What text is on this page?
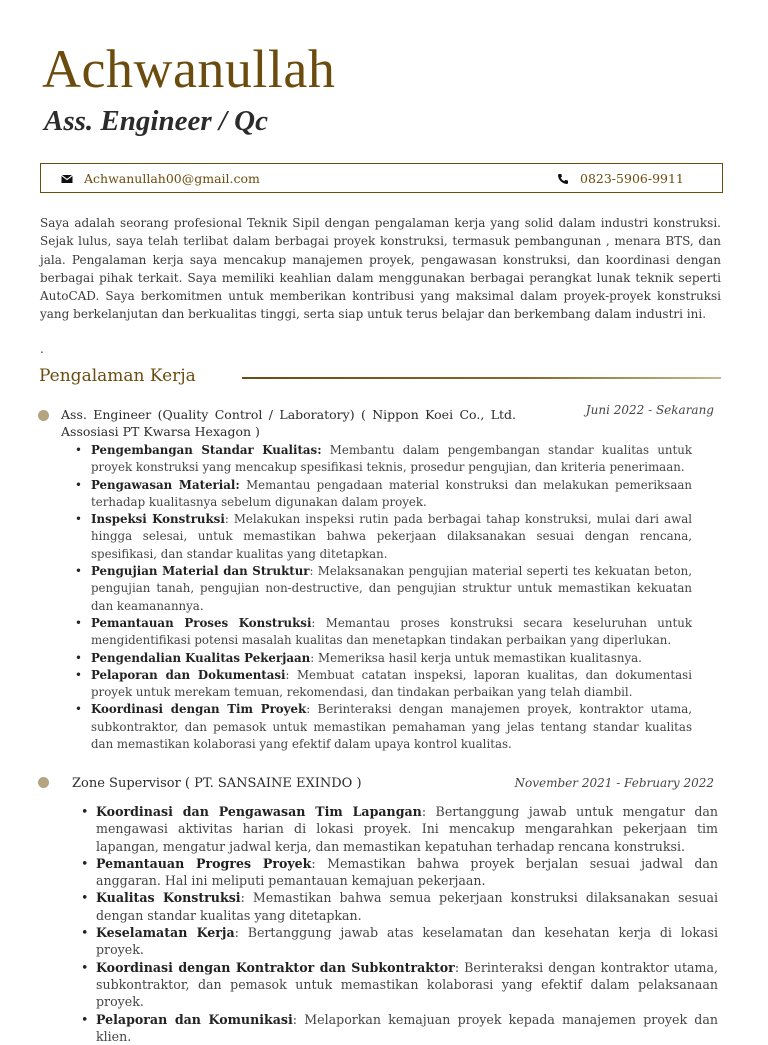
Achwanullah
Ass. Engineer / Qc
Achwanullah00@gmail.com	0823-5906-9911

Saya adalah seorang profesional Teknik Sipil dengan pengalaman kerja yang solid dalam industri konstruksi. Sejak lulus, saya telah terlibat dalam berbagai proyek konstruksi, termasuk pembangunan , menara BTS, dan jala. Pengalaman kerja saya mencakup manajemen proyek, pengawasan konstruksi, dan koordinasi dengan berbagai pihak terkait. Saya memiliki keahlian dalam menggunakan berbagai perangkat lunak teknik seperti AutoCAD. Saya berkomitmen untuk memberikan kontribusi yang maksimal dalam proyek-proyek konstruksi yang berkelanjutan dan berkualitas tinggi, serta siap untuk terus belajar dan berkembang dalam industri ini.

.
Pengalaman Kerja
Ass. Engineer (Quality Control / Laboratory) ( Nippon Koei Co., Ltd. Assosiasi PT Kwarsa Hexagon )
Juni 2022 - Sekarang
• Pengembangan Standar Kualitas: Membantu dalam pengembangan standar kualitas untuk proyek konstruksi yang mencakup spesifikasi teknis, prosedur pengujian, dan kriteria penerimaan.
• Pengawasan Material: Memantau pengadaan material konstruksi dan melakukan pemeriksaan terhadap kualitasnya sebelum digunakan dalam proyek.
• Inspeksi Konstruksi: Melakukan inspeksi rutin pada berbagai tahap konstruksi, mulai dari awal hingga selesai, untuk memastikan bahwa pekerjaan dilaksanakan sesuai dengan rencana, spesifikasi, dan standar kualitas yang ditetapkan.
• Pengujian Material dan Struktur: Melaksanakan pengujian material seperti tes kekuatan beton, pengujian tanah, pengujian non-destructive, dan pengujian struktur untuk memastikan kekuatan dan keamanannya.
• Pemantauan Proses Konstruksi: Memantau proses konstruksi secara keseluruhan untuk mengidentifikasi potensi masalah kualitas dan menetapkan tindakan perbaikan yang diperlukan.
• Pengendalian Kualitas Pekerjaan: Memeriksa hasil kerja untuk memastikan kualitasnya.
• Pelaporan dan Dokumentasi: Membuat catatan inspeksi, laporan kualitas, dan dokumentasi proyek untuk merekam temuan, rekomendasi, dan tindakan perbaikan yang telah diambil.
• Koordinasi dengan Tim Proyek: Berinteraksi dengan manajemen proyek, kontraktor utama, subkontraktor, dan pemasok untuk memastikan pemahaman yang jelas tentang standar kualitas dan memastikan kolaborasi yang efektif dalam upaya kontrol kualitas.
Zone Supervisor ( PT. SANSAINE EXINDO )	November 2021 - February 2022
• Koordinasi dan Pengawasan Tim Lapangan: Bertanggung jawab untuk mengatur dan mengawasi aktivitas harian di lokasi proyek. Ini mencakup mengarahkan pekerjaan tim lapangan, mengatur jadwal kerja, dan memastikan kepatuhan terhadap rencana konstruksi.
• Pemantauan Progres Proyek: Memastikan bahwa proyek berjalan sesuai jadwal dan anggaran. Hal ini meliputi pemantauan kemajuan pekerjaan.
• Kualitas Konstruksi: Memastikan bahwa semua pekerjaan konstruksi dilaksanakan sesuai dengan standar kualitas yang ditetapkan.
• Keselamatan Kerja: Bertanggung jawab atas keselamatan dan kesehatan kerja di lokasi proyek.
• Koordinasi dengan Kontraktor dan Subkontraktor: Berinteraksi dengan kontraktor utama, subkontraktor, dan pemasok untuk memastikan kolaborasi yang efektif dalam pelaksanaan proyek.
• Pelaporan dan Komunikasi: Melaporkan kemajuan proyek kepada manajemen proyek dan klien.
